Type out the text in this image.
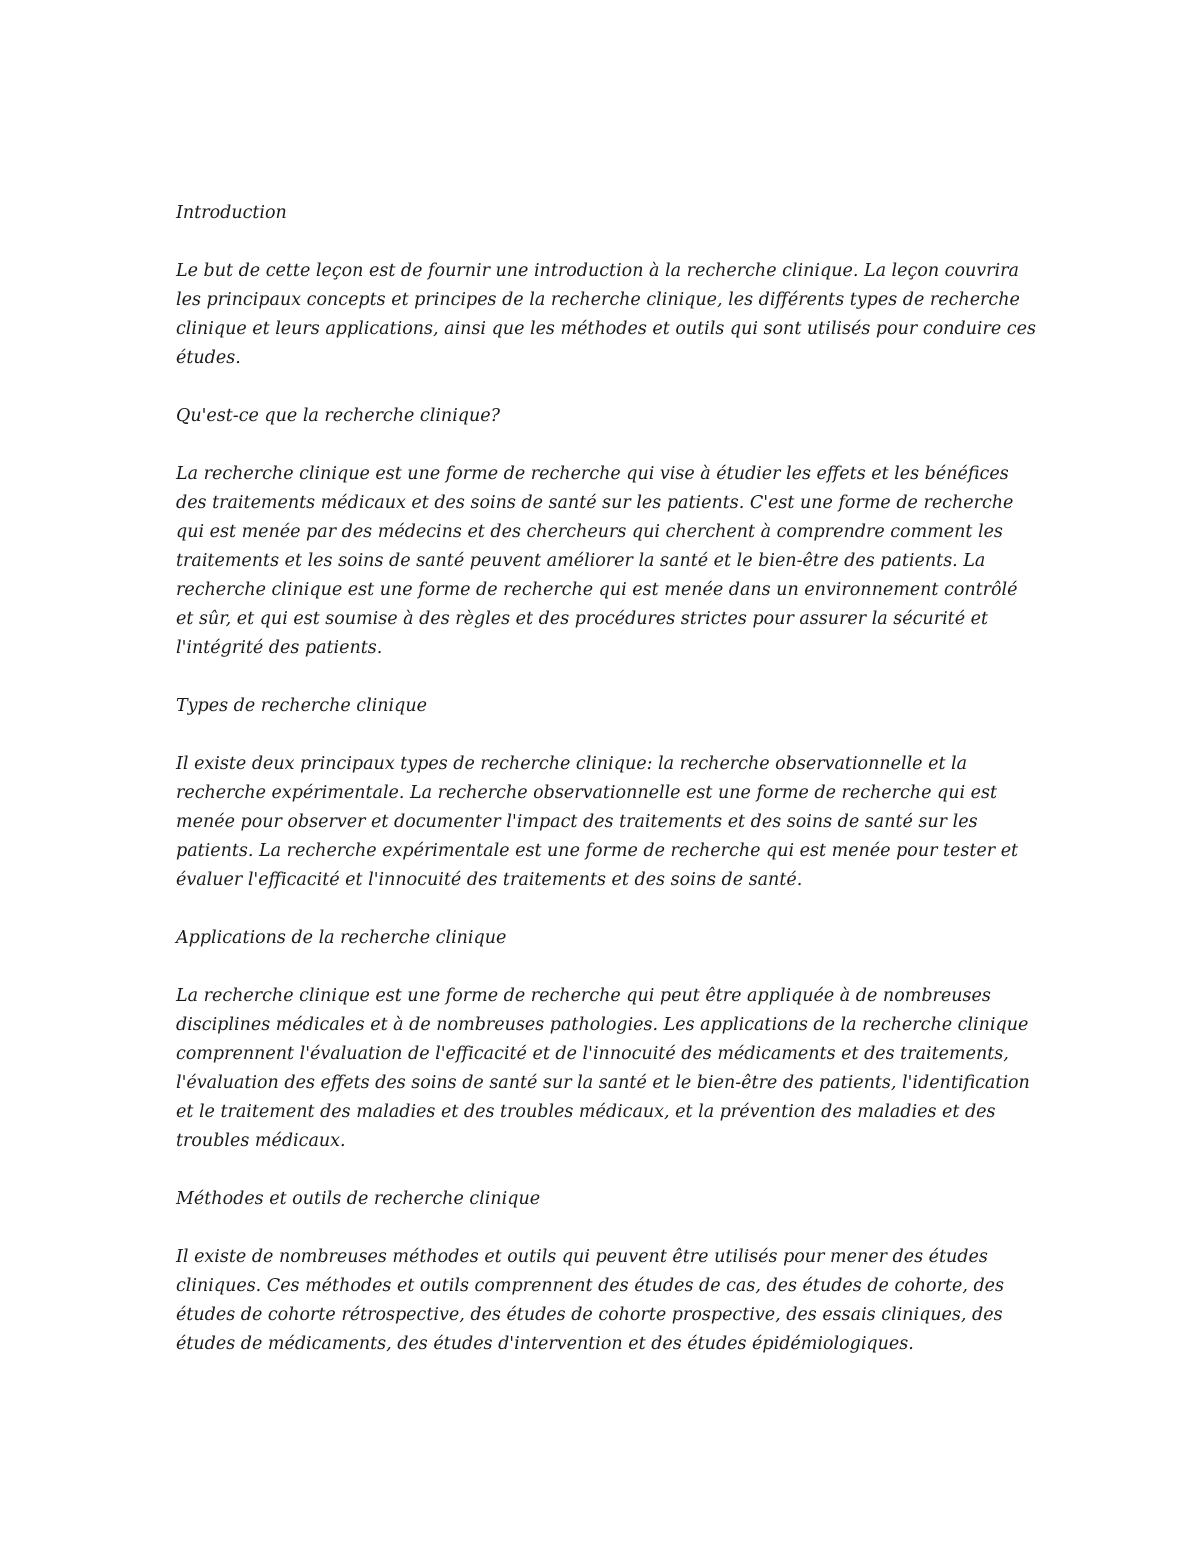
Introduction

Le but de cette leçon est de fournir une introduction à la recherche clinique. La leçon couvrira les principaux concepts et principes de la recherche clinique, les différents types de recherche clinique et leurs applications, ainsi que les méthodes et outils qui sont utilisés pour conduire ces études.

Qu'est-ce que la recherche clinique?

La recherche clinique est une forme de recherche qui vise à étudier les effets et les bénéfices des traitements médicaux et des soins de santé sur les patients. C'est une forme de recherche qui est menée par des médecins et des chercheurs qui cherchent à comprendre comment les traitements et les soins de santé peuvent améliorer la santé et le bien-être des patients. La recherche clinique est une forme de recherche qui est menée dans un environnement contrôlé et sûr, et qui est soumise à des règles et des procédures strictes pour assurer la sécurité et l'intégrité des patients.

Types de recherche clinique

Il existe deux principaux types de recherche clinique: la recherche observationnelle et la recherche expérimentale. La recherche observationnelle est une forme de recherche qui est menée pour observer et documenter l'impact des traitements et des soins de santé sur les patients. La recherche expérimentale est une forme de recherche qui est menée pour tester et évaluer l'efficacité et l'innocuité des traitements et des soins de santé.

Applications de la recherche clinique

La recherche clinique est une forme de recherche qui peut être appliquée à de nombreuses disciplines médicales et à de nombreuses pathologies. Les applications de la recherche clinique comprennent l'évaluation de l'efficacité et de l'innocuité des médicaments et des traitements, l'évaluation des effets des soins de santé sur la santé et le bien-être des patients, l'identification et le traitement des maladies et des troubles médicaux, et la prévention des maladies et des troubles médicaux.

Méthodes et outils de recherche clinique

Il existe de nombreuses méthodes et outils qui peuvent être utilisés pour mener des études cliniques. Ces méthodes et outils comprennent des études de cas, des études de cohorte, des études de cohorte rétrospective, des études de cohorte prospective, des essais cliniques, des études de médicaments, des études d'intervention et des études épidémiologiques.
